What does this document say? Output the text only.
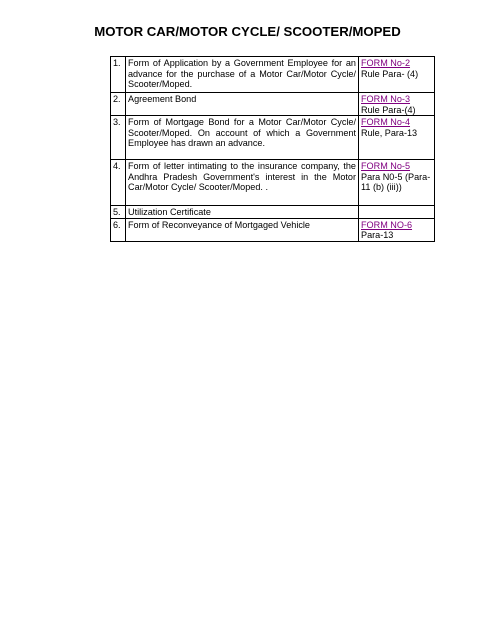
MOTOR CAR/MOTOR CYCLE/ SCOOTER/MOPED
1.	Form of Application by a Government Employee for an advance for the purchase of a Motor Car/Motor Cycle/ Scooter/Moped.	FORM No-2
Rule Para- (4)

2.	Agreement Bond	FORM No-3
Rule Para-(4)

3.	Form of Mortgage Bond for a Motor Car/Motor Cycle/ Scooter/Moped. On account of which a Government Employee has drawn an advance.	FORM No-4
Rule, Para-13

4.	Form of letter intimating to the insurance company, the Andhra Pradesh Government's interest in the Motor Car/Motor Cycle/ Scooter/Moped. .	FORM No-5
Para N0-5 (Para-11 (b) (iii))

5.	Utilization Certificate	

6.	Form of Reconveyance of Mortgaged Vehicle	FORM NO-6
Para-13
